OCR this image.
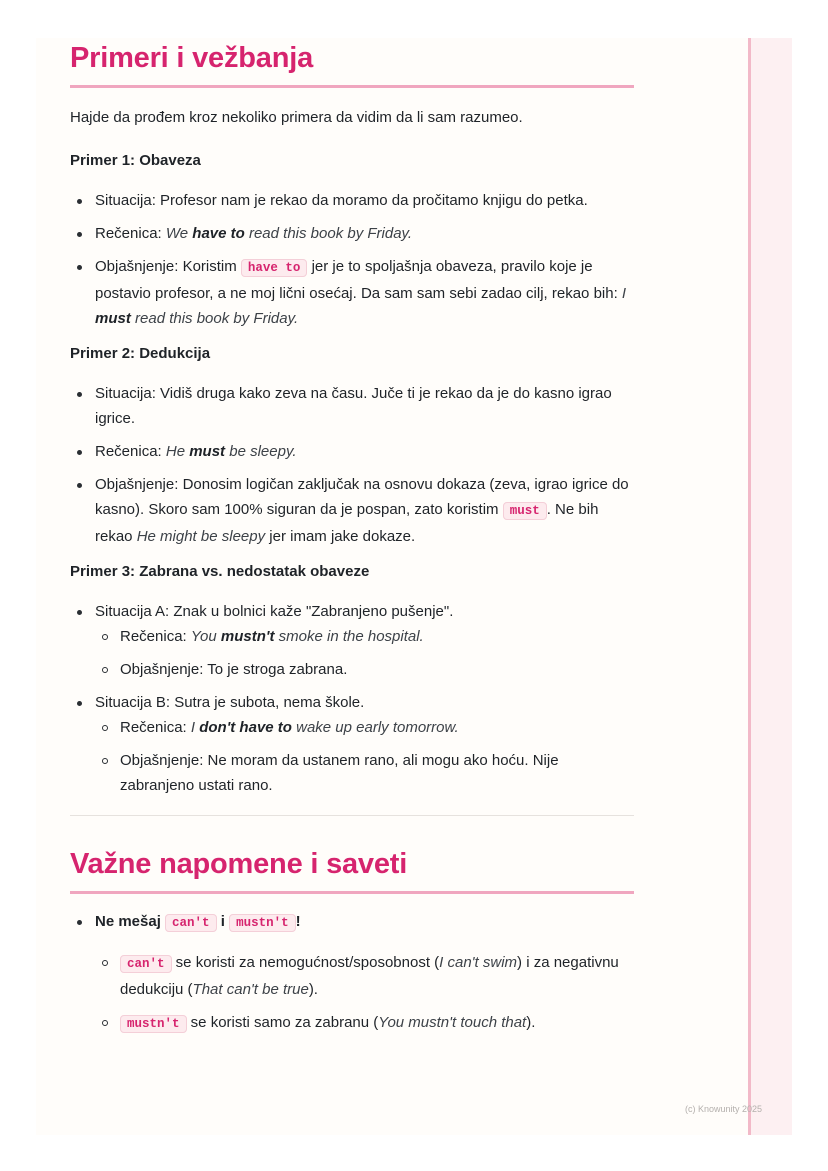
Primeri i vežbanja

Hajde da prođem kroz nekoliko primera da vidim da li sam razumeo.

Primer 1: Obaveza

Situacija: Profesor nam je rekao da moramo da pročitamo knjigu do petka.
Rečenica: We have to read this book by Friday.
Objašnjenje: Koristim have to jer je to spoljašnja obaveza, pravilo koje je postavio profesor, a ne moj lični osećaj. Da sam sam sebi zadao cilj, rekao bih: I must read this book by Friday.

Primer 2: Dedukcija

Situacija: Vidiš druga kako zeva na času. Juče ti je rekao da je do kasno igrao igrice.
Rečenica: He must be sleepy.
Objašnjenje: Donosim logičan zaključak na osnovu dokaza (zeva, igrao igrice do kasno). Skoro sam 100% siguran da je pospan, zato koristim must . Ne bih rekao He might be sleepy jer imam jake dokaze.

Primer 3: Zabrana vs. nedostatak obaveze

Situacija A: Znak u bolnici kaže "Zabranjeno pušenje".
Rečenica: You mustn't smoke in the hospital.
Objašnjenje: To je stroga zabrana.
Situacija B: Sutra je subota, nema škole.
Rečenica: I don't have to wake up early tomorrow.
Objašnjenje: Ne moram da ustanem rano, ali mogu ako hoću. Nije zabranjeno ustati rano.
Važne napomene i saveti
Ne mešaj can't i mustn't !
can't se koristi za nemogućnost/sposobnost (I can't swim) i za negativnu dedukciju (That can't be true).
mustn't se koristi samo za zabranu (You mustn't touch that).
(c) Knowunity 2025
